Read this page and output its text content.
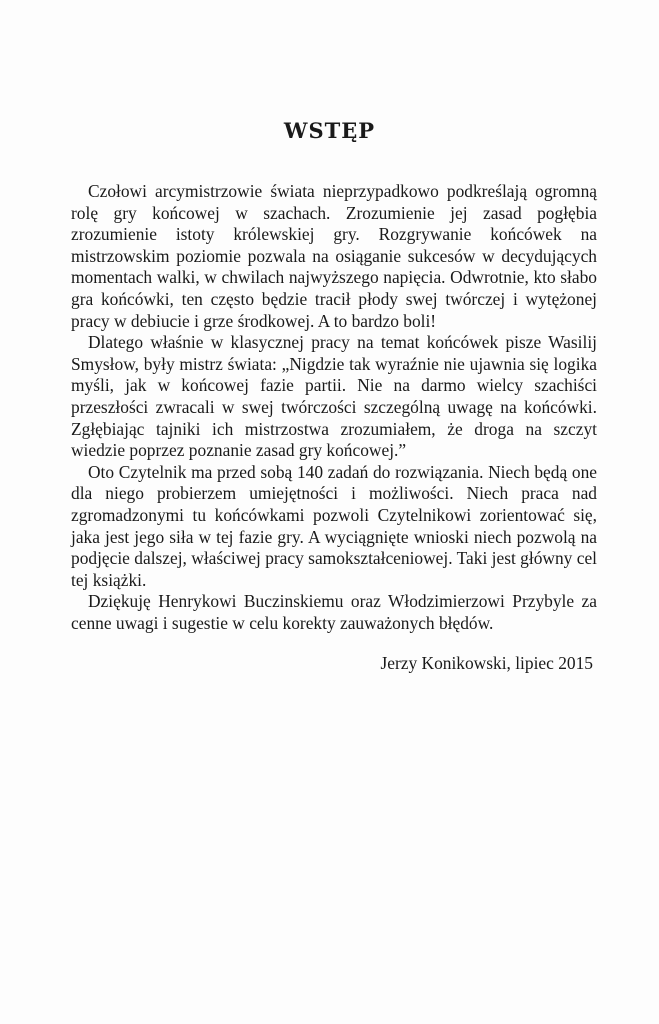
WSTĘP

Czołowi arcymistrzowie świata nieprzypadkowo podkreślają ogromną rolę gry końcowej w szachach. Zrozumienie jej zasad pogłębia zrozumienie istoty królewskiej gry. Rozgrywanie końcówek na mistrzowskim poziomie pozwala na osiąganie sukcesów w decydujących momentach walki, w chwilach najwyższego napięcia. Odwrotnie, kto słabo gra końcówki, ten często będzie tracił płody swej twórczej i wytężonej pracy w debiucie i grze środkowej. A to bardzo boli!

Dlatego właśnie w klasycznej pracy na temat końcówek pisze Wasilij Smysłow, były mistrz świata: „Nigdzie tak wyraźnie nie ujawnia się logika myśli, jak w końcowej fazie partii. Nie na darmo wielcy szachiści przeszłości zwracali w swej twórczości szczególną uwagę na końcówki. Zgłębiając tajniki ich mistrzostwa zrozumiałem, że droga na szczyt wiedzie poprzez poznanie zasad gry końcowej.”

Oto Czytelnik ma przed sobą 140 zadań do rozwiązania. Niech będą one dla niego probierzem umiejętności i możliwości. Niech praca nad zgromadzonymi tu końcówkami pozwoli Czytelnikowi zorientować się, jaka jest jego siła w tej fazie gry. A wyciągnięte wnioski niech pozwolą na podjęcie dalszej, właściwej pracy samokształceniowej. Taki jest główny cel tej książki.

Dziękuję Henrykowi Buczinskiemu oraz Włodzimierzowi Przybyle za cenne uwagi i sugestie w celu korekty zauważonych błędów.

Jerzy Konikowski, lipiec 2015
